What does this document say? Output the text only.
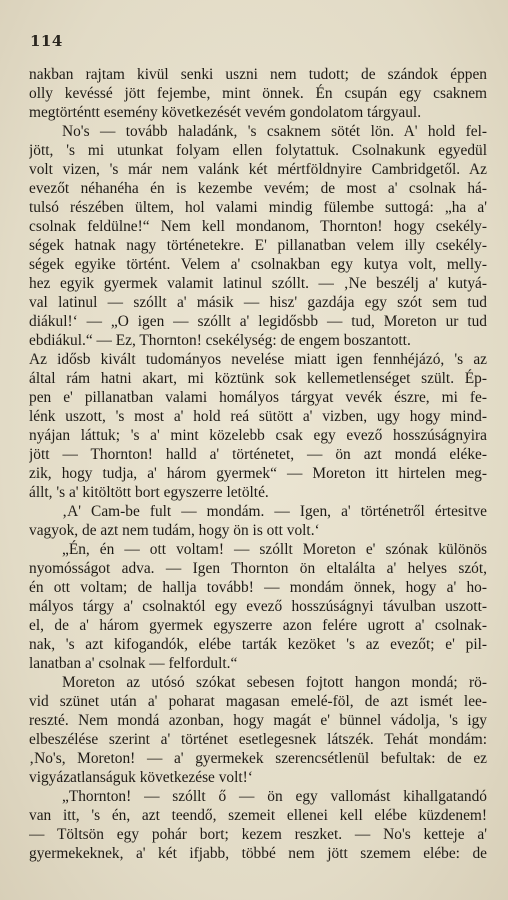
114
nakban rajtam kivül senki uszni nem tudott; de szándok éppen
olly kevéssé jött fejembe, mint önnek. Én csupán egy csaknem
megtörténtt esemény következését vevém gondolatom tárgyaul.
No's — tovább haladánk, 's csaknem sötét lön. A' hold fel-
jött, 's mi utunkat folyam ellen folytattuk. Csolnakunk egyedül
volt vizen, 's már nem valánk két mértföldnyire Cambridgetől. Az
evezőt néhanéha én is kezembe vevém; de most a' csolnak há-
tulsó részében ültem, hol valami mindig fülembe suttogá: „ha a'
csolnak feldülne!“ Nem kell mondanom, Thornton! hogy csekély-
ségek hatnak nagy történetekre. E' pillanatban velem illy csekély-
ségek egyike történt. Velem a' csolnakban egy kutya volt, melly-
hez egyik gyermek valamit latinul szóllt. — ‚Ne beszélj a' kutyá-
val latinul — szóllt a' másik — hisz' gazdája egy szót sem tud
diákul!‘ — „O igen — szóllt a' legidősbb — tud, Moreton ur tud
ebdiákul.“ — Ez, Thornton! csekélység: de engem boszantott.
Az idősb kivált tudományos nevelése miatt igen fennhéjázó, 's az
által rám hatni akart, mi köztünk sok kellemetlenséget szült. Ép-
pen e' pillanatban valami homályos tárgyat vevék észre, mi fe-
lénk uszott, 's most a' hold reá sütött a' vizben, ugy hogy mind-
nyájan láttuk; 's a' mint közelebb csak egy evező hosszúságnyira
jött — Thornton! halld a' történetet, — ön azt mondá eléke-
zik, hogy tudja, a' három gyermek“ — Moreton itt hirtelen meg-
állt, 's a' kitöltött bort egyszerre letölté.
‚A' Cam-be fult — mondám. — Igen, a' történetről értesitve
vagyok, de azt nem tudám, hogy ön is ott volt.‘
„Én, én — ott voltam! — szóllt Moreton e' szónak különös
nyomósságot adva. — Igen Thornton ön eltalálta a' helyes szót,
én ott voltam; de hallja tovább! — mondám önnek, hogy a' ho-
mályos tárgy a' csolnaktól egy evező hosszúságnyi távulban uszott-
el, de a' három gyermek egyszerre azon felére ugrott a' csolnak-
nak, 's azt kifogandók, elébe tarták kezöket 's az evezőt; e' pil-
lanatban a' csolnak — felfordult.“
Moreton az utósó szókat sebesen fojtott hangon mondá; rö-
vid szünet után a' poharat magasan emelé-föl, de azt ismét lee-
reszté. Nem mondá azonban, hogy magát e' bünnel vádolja, 's igy
elbeszélése szerint a' történet esetlegesnek látszék. Tehát mondám:
‚No's, Moreton! — a' gyermekek szerencsétlenül befultak: de ez
vigyázatlanságuk következése volt!‘
„Thornton! — szóllt ő — ön egy vallomást kihallgatandó
van itt, 's én, azt teendő, szemeit ellenei kell elébe küzdenem!
— Töltsön egy pohár bort; kezem reszket. — No's ketteje a'
gyermekeknek, a' két ifjabb, többé nem jött szemem elébe: de
